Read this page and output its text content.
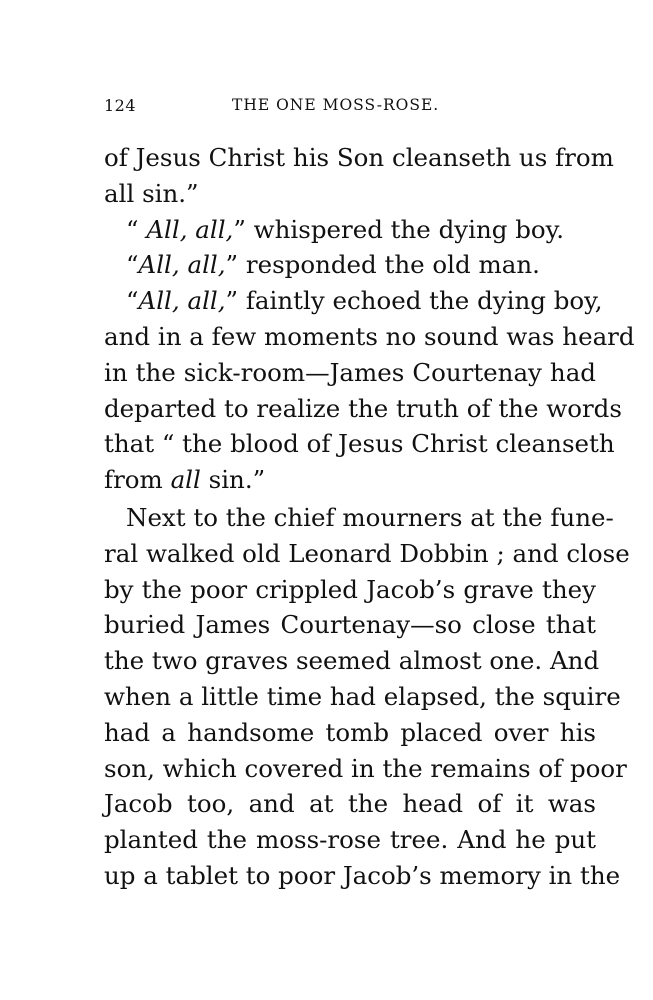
124	THE ONE MOSS-ROSE.
of Jesus Christ his Son cleanseth us from
all sin.”
“ All, all,” whispered the dying boy.
“All, all,” responded the old man.
“All, all,” faintly echoed the dying boy,
and in a few moments no sound was heard
in the sick-room—James Courtenay had
departed to realize the truth of the words
that “ the blood of Jesus Christ cleanseth
from all sin.”
Next to the chief mourners at the fune-
ral walked old Leonard Dobbin ; and close
by the poor crippled Jacob’s grave they
buried James Courtenay—so close that
the two graves seemed almost one. And
when a little time had elapsed, the squire
had a handsome tomb placed over his
son, which covered in the remains of poor
Jacob too, and at the head of it was
planted the moss-rose tree. And he put
up a tablet to poor Jacob’s memory in the
